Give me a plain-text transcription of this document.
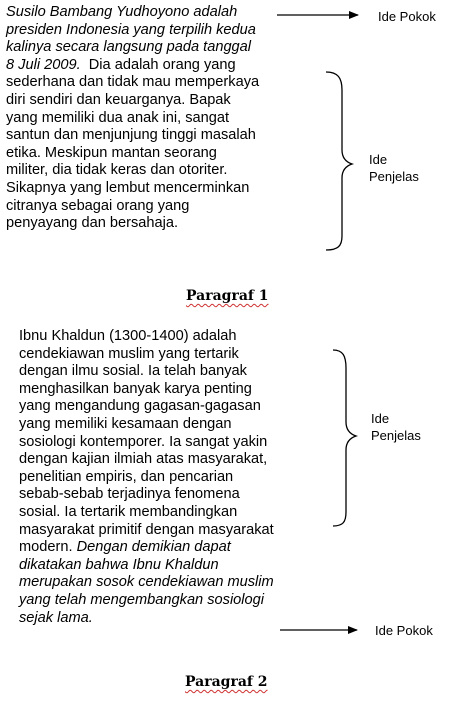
Susilo Bambang Yudhoyono adalah
presiden Indonesia yang terpilih kedua
kalinya secara langsung pada tanggal
8 Juli 2009.  Dia adalah orang yang
sederhana dan tidak mau memperkaya
diri sendiri dan keuarganya. Bapak
yang memiliki dua anak ini, sangat
santun dan menjunjung tinggi masalah
etika. Meskipun mantan seorang
militer, dia tidak keras dan otoriter.
Sikapnya yang lembut mencerminkan
citranya sebagai orang yang
penyayang dan bersahaja.
Ibnu Khaldun (1300-1400) adalah
cendekiawan muslim yang tertarik
dengan ilmu sosial. Ia telah banyak
menghasilkan banyak karya penting
yang mengandung gagasan-gagasan
yang memiliki kesamaan dengan
sosiologi kontemporer. Ia sangat yakin
dengan kajian ilmiah atas masyarakat,
penelitian empiris, dan pencarian
sebab-sebab terjadinya fenomena
sosial. Ia tertarik membandingkan
masyarakat primitif dengan masyarakat
modern. Dengan demikian dapat
dikatakan bahwa Ibnu Khaldun
merupakan sosok cendekiawan muslim
yang telah mengembangkan sosiologi
sejak lama.
Ide Pokok
Ide
Penjelas
Paragraf 1
Ide
Penjelas
Ide Pokok
Paragraf 2
